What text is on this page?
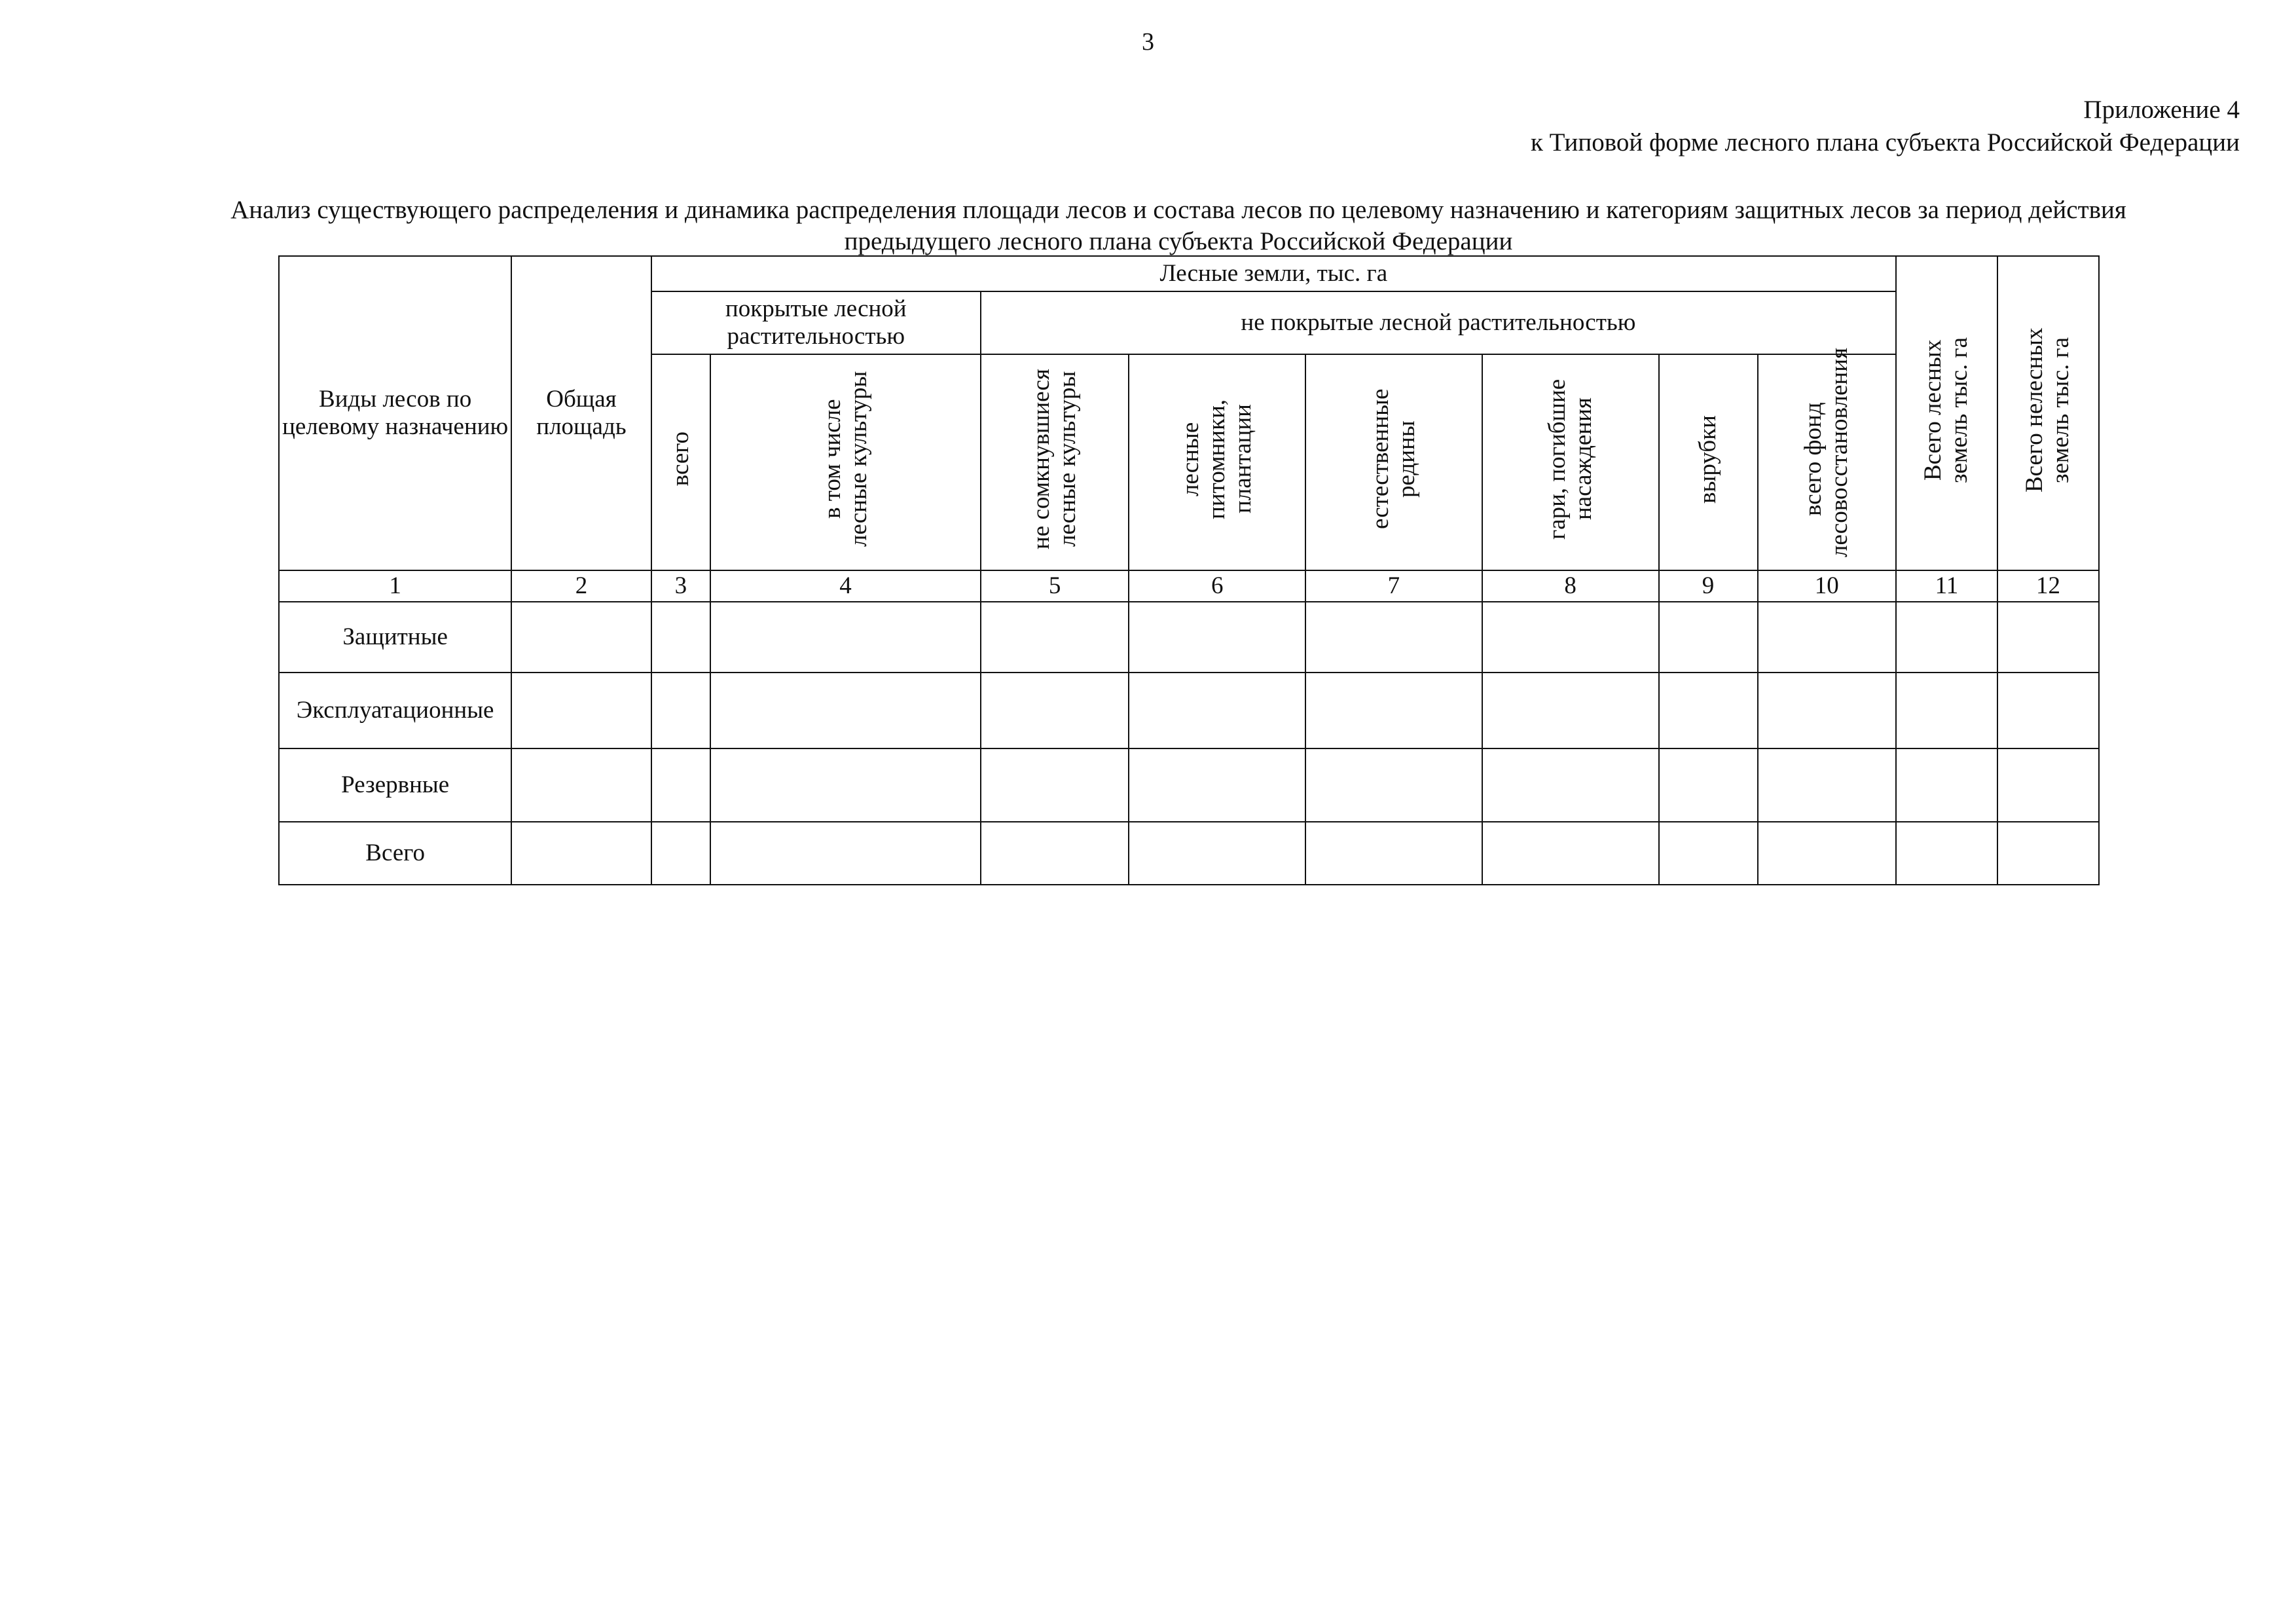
3
Приложение 4
к Типовой форме лесного плана субъекта Российской Федерации
Анализ существующего распределения и динамика распределения площади лесов и состава лесов по целевому назначению и категориям защитных лесов за период действия
предыдущего лесного плана субъекта Российской Федерации
Виды лесов по целевому назначению	Общая площадь	Лесные земли, тыс. га								Всего лесных земель тыс. га	Всего нелесных земель тыс. га
		покрытые лесной растительностью		не покрытые лесной растительностью							
		всего	в том числе лесные культуры	не сомкнувшиеся лесные культуры	лесные питомники, плантации	естественные редины	гари, погибшие насаждения	вырубки	всего фонд лесовосстановления		
1	2	3	4	5	6	7	8	9	10	11	12
Защитные											
Эксплуатационные											
Резервные											
Всего											
